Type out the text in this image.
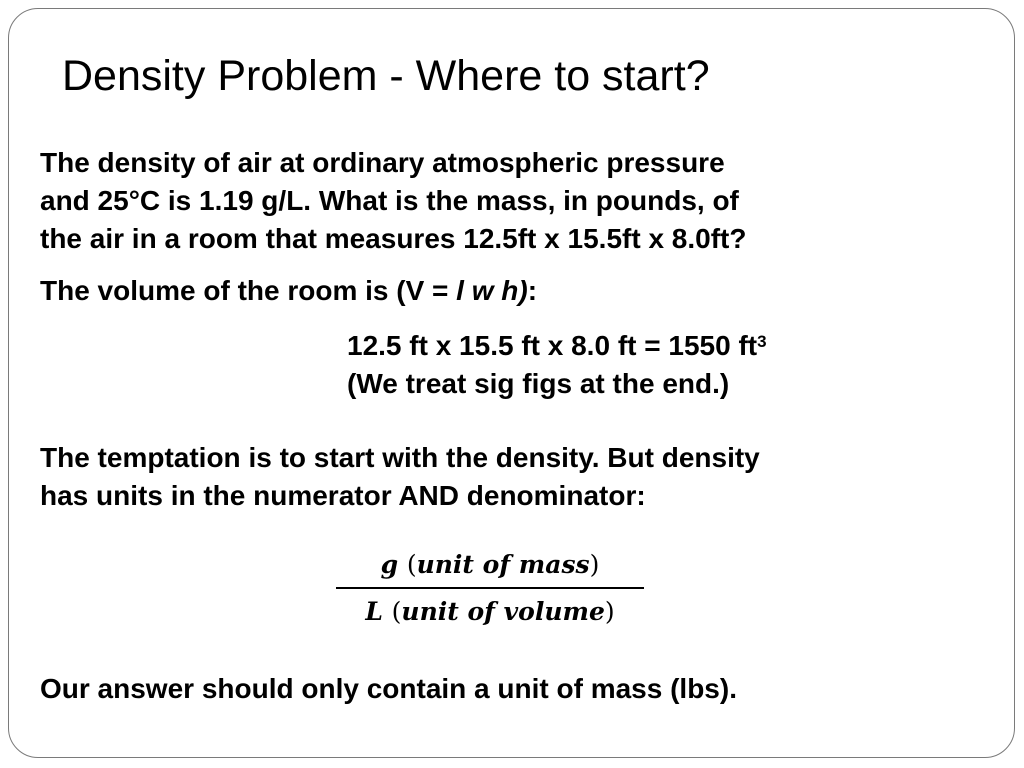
Density Problem - Where to start?
The density of air at ordinary atmospheric pressure
and 25°C is 1.19 g/L. What is the mass, in pounds, of
the air in a room that measures 12.5ft x 15.5ft x 8.0ft?
The volume of the room is (V = l w h):
12.5 ft x 15.5 ft x 8.0 ft = 1550 $ft^3$
(We treat sig figs at the end.)
The temptation is to start with the density. But density
has units in the numerator AND denominator:
g (unit of mass)
L (unit of volume)
Our answer should only contain a unit of mass (lbs).
